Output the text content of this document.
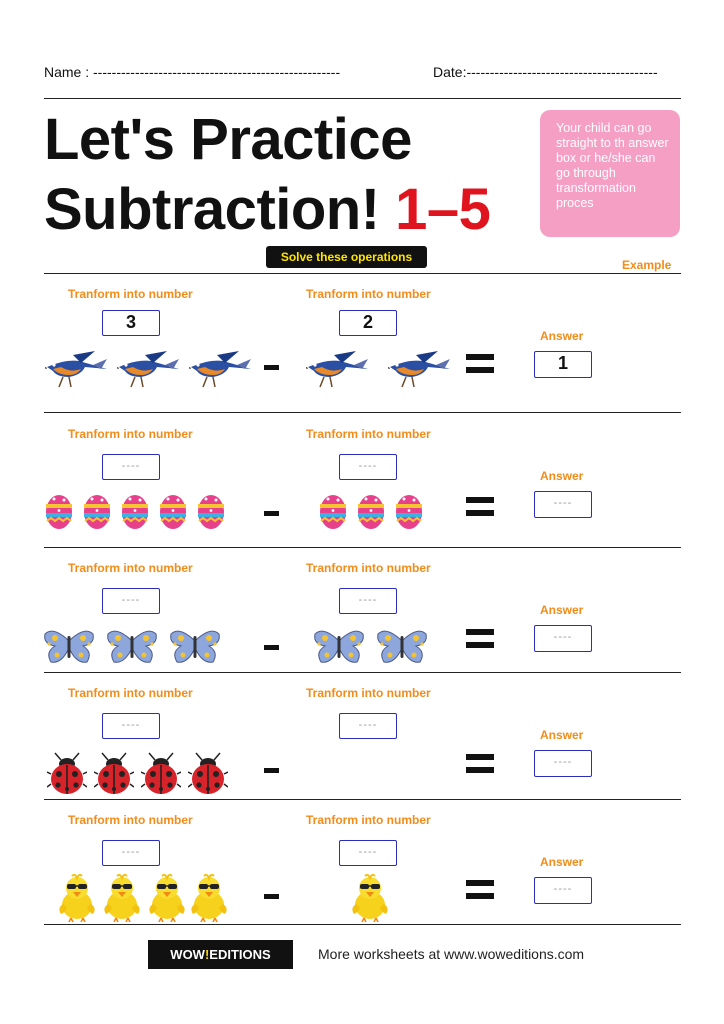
Name : -----------------------------------------------------	Date:-----------------------------------------
Let's Practice
Subtraction! 1–5
Your child can go straight to th answer box or he/she can go through transformation proces
Solve these operations
Example
Tranform into number	Tranform into number
3	2
Answer
1
Tranform into number	Tranform into number
----	----
Answer
----
Tranform into number	Tranform into number
----	----
Answer
----
Tranform into number	Tranform into number
----	----
Answer
----
Tranform into number	Tranform into number
----	----
Answer
----
WOW!EDITIONS	More worksheets at www.woweditions.com
